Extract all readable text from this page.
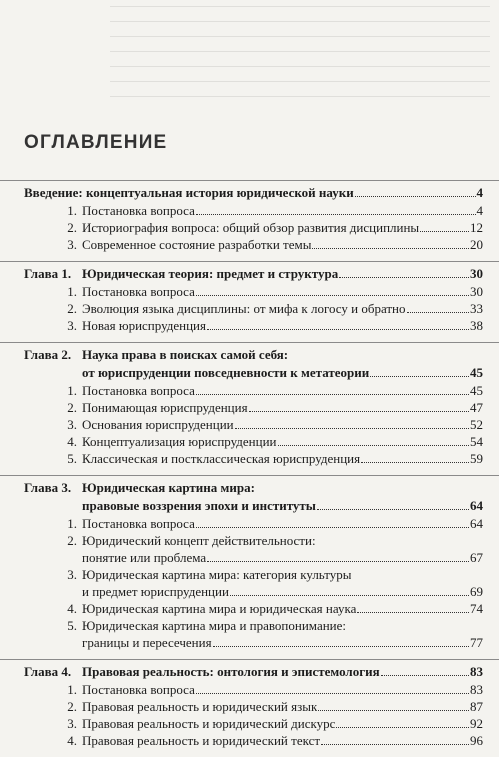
ОГЛАВЛЕНИЕ
Введение: концептуальная история юридической науки	4
1. Постановка вопроса	4
2. Историография вопроса: общий обзор развития дисциплины	12
3. Современное состояние разработки темы	20
Глава 1. Юридическая теория: предмет и структура	30
1. Постановка вопроса	30
2. Эволюция языка дисциплины: от мифа к логосу и обратно	33
3. Новая юриспруденция	38
Глава 2. Наука права в поисках самой себя:
от юриспруденции повседневности к метатеории	45
1. Постановка вопроса	45
2. Понимающая юриспруденция	47
3. Основания юриспруденции	52
4. Концептуализация юриспруденции	54
5. Классическая и постклассическая юриспруденция	59
Глава 3. Юридическая картина мира:
правовые воззрения эпохи и институты	64
1. Постановка вопроса	64
2. Юридический концепт действительности:
понятие или проблема	67
3. Юридическая картина мира: категория культуры
и предмет юриспруденции	69
4. Юридическая картина мира и юридическая наука	74
5. Юридическая картина мира и правопонимание:
границы и пересечения	77
Глава 4. Правовая реальность: онтология и эпистемология	83
1. Постановка вопроса	83
2. Правовая реальность и юридический язык	87
3. Правовая реальность и юридический дискурс	92
4. Правовая реальность и юридический текст	96
